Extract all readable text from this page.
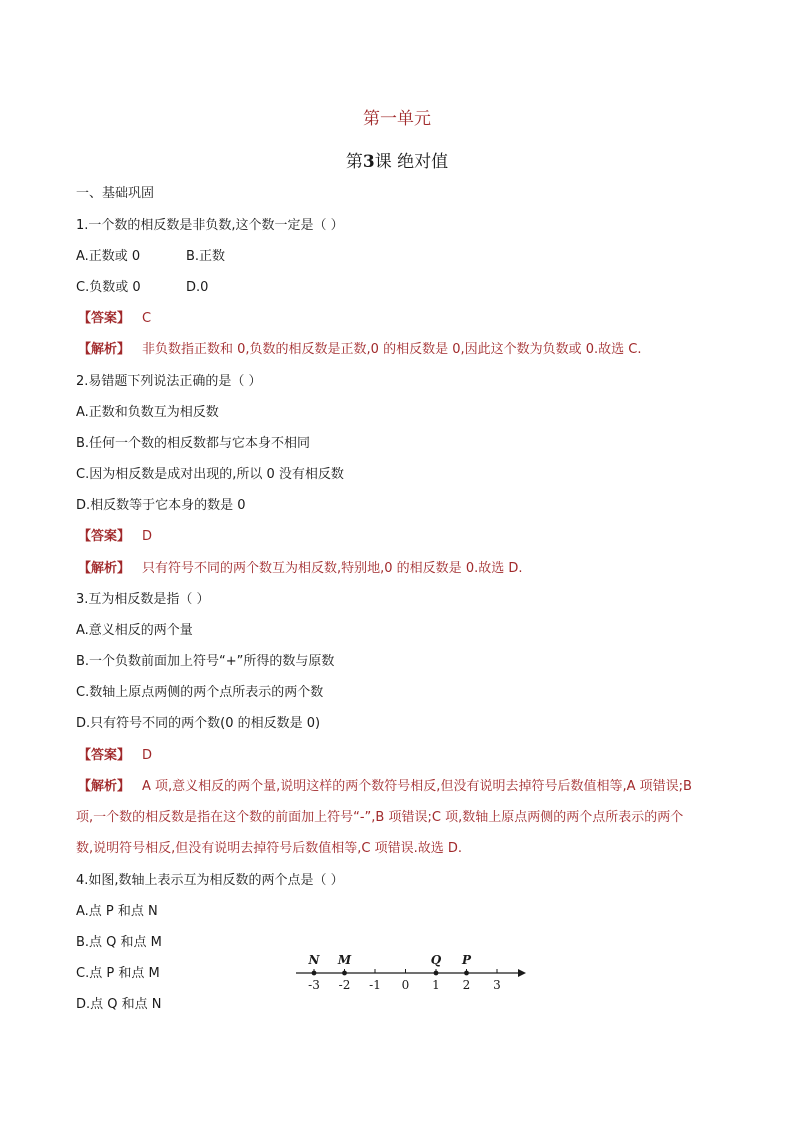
第一单元
第3课 绝对值
一、基础巩固
1.一个数的相反数是非负数,这个数一定是（ ）
A.正数或 0	B.正数
C.负数或 0	D.0
【答案】 C
【解析】 非负数指正数和 0,负数的相反数是正数,0 的相反数是 0,因此这个数为负数或 0.故选 C.
2.易错题下列说法正确的是（ ）
A.正数和负数互为相反数
B.任何一个数的相反数都与它本身不相同
C.因为相反数是成对出现的,所以 0 没有相反数
D.相反数等于它本身的数是 0
【答案】 D
【解析】 只有符号不同的两个数互为相反数,特别地,0 的相反数是 0.故选 D.
3.互为相反数是指（ ）
A.意义相反的两个量
B.一个负数前面加上符号“+”所得的数与原数
C.数轴上原点两侧的两个点所表示的两个数
D.只有符号不同的两个数(0 的相反数是 0)
【答案】 D
【解析】 A 项,意义相反的两个量,说明这样的两个数符号相反,但没有说明去掉符号后数值相等,A 项错误;B
项,一个数的相反数是指在这个数的前面加上符号“-”,B 项错误;C 项,数轴上原点两侧的两个点所表示的两个
数,说明符号相反,但没有说明去掉符号后数值相等,C 项错误.故选 D.
4.如图,数轴上表示互为相反数的两个点是（ ）
A.点 P 和点 N
B.点 Q 和点 M
C.点 P 和点 M
D.点 Q 和点 N
-3 -2 -1 0 1 2 3
N M	Q P
